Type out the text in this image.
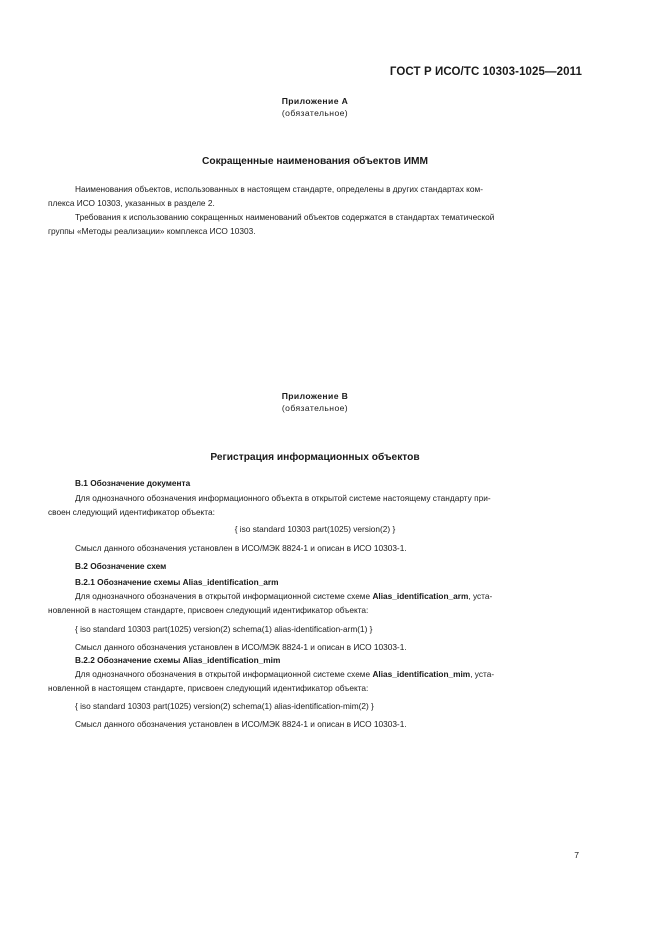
ГОСТ Р ИСО/ТС 10303-1025—2011
Приложение А
(обязательное)
Сокращенные наименования объектов ИММ
Наименования объектов, использованных в настоящем стандарте, определены в других стандартах ком-
плекса ИСО 10303, указанных в разделе 2.
Требования к использованию сокращенных наименований объектов содержатся в стандартах тематической
группы «Методы реализации» комплекса ИСО 10303.
Приложение В
(обязательное)
Регистрация информационных объектов
В.1 Обозначение документа
Для однозначного обозначения информационного объекта в открытой системе настоящему стандарту при-
своен следующий идентификатор объекта:
{ iso standard 10303 part(1025) version(2) }
Смысл данного обозначения установлен в ИСО/МЭК 8824-1 и описан в ИСО 10303-1.
В.2 Обозначение схем
В.2.1 Обозначение схемы Alias_identification_arm
Для однозначного обозначения в открытой информационной системе схеме Alias_identification_arm, уста-
новленной в настоящем стандарте, присвоен следующий идентификатор объекта:
{ iso standard 10303 part(1025) version(2) schema(1) alias-identification-arm(1) }
Смысл данного обозначения установлен в ИСО/МЭК 8824-1 и описан в ИСО 10303-1.
В.2.2 Обозначение схемы Alias_identification_mim
Для однозначного обозначения в открытой информационной системе схеме Alias_identification_mim, уста-
новленной в настоящем стандарте, присвоен следующий идентификатор объекта:
{ iso standard 10303 part(1025) version(2) schema(1) alias-identification-mim(2) }
Смысл данного обозначения установлен в ИСО/МЭК 8824-1 и описан в ИСО 10303-1.
7
